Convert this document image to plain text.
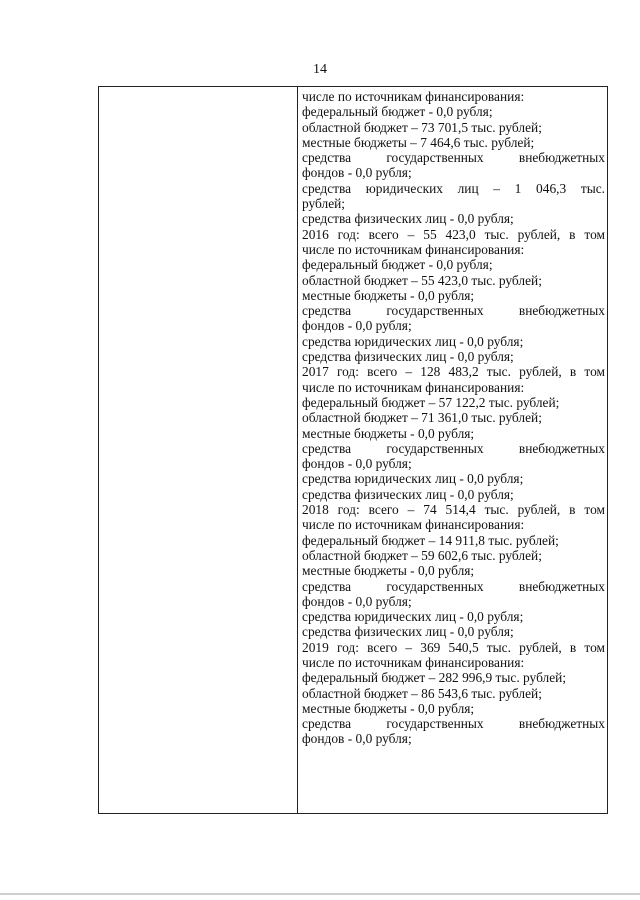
14
числе по источникам финансирования:
федеральный бюджет - 0,0 рубля;
областной бюджет – 73 701,5 тыс. рублей;
местные бюджеты – 7 464,6 тыс. рублей;
средства государственных внебюджетных
фондов - 0,0 рубля;
средства юридических лиц – 1 046,3 тыс.
рублей;
средства физических лиц - 0,0 рубля;
2016 год: всего – 55 423,0 тыс. рублей, в том
числе по источникам финансирования:
федеральный бюджет - 0,0 рубля;
областной бюджет – 55 423,0 тыс. рублей;
местные бюджеты - 0,0 рубля;
средства государственных внебюджетных
фондов - 0,0 рубля;
средства юридических лиц - 0,0 рубля;
средства физических лиц - 0,0 рубля;
2017 год: всего – 128 483,2 тыс. рублей, в том
числе по источникам финансирования:
федеральный бюджет – 57 122,2 тыс. рублей;
областной бюджет – 71 361,0 тыс. рублей;
местные бюджеты - 0,0 рубля;
средства государственных внебюджетных
фондов - 0,0 рубля;
средства юридических лиц - 0,0 рубля;
средства физических лиц - 0,0 рубля;
2018 год: всего – 74 514,4 тыс. рублей, в том
числе по источникам финансирования:
федеральный бюджет – 14 911,8 тыс. рублей;
областной бюджет – 59 602,6 тыс. рублей;
местные бюджеты - 0,0 рубля;
средства государственных внебюджетных
фондов - 0,0 рубля;
средства юридических лиц - 0,0 рубля;
средства физических лиц - 0,0 рубля;
2019 год: всего – 369 540,5 тыс. рублей, в том
числе по источникам финансирования:
федеральный бюджет – 282 996,9 тыс. рублей;
областной бюджет – 86 543,6 тыс. рублей;
местные бюджеты - 0,0 рубля;
средства государственных внебюджетных
фондов - 0,0 рубля;
